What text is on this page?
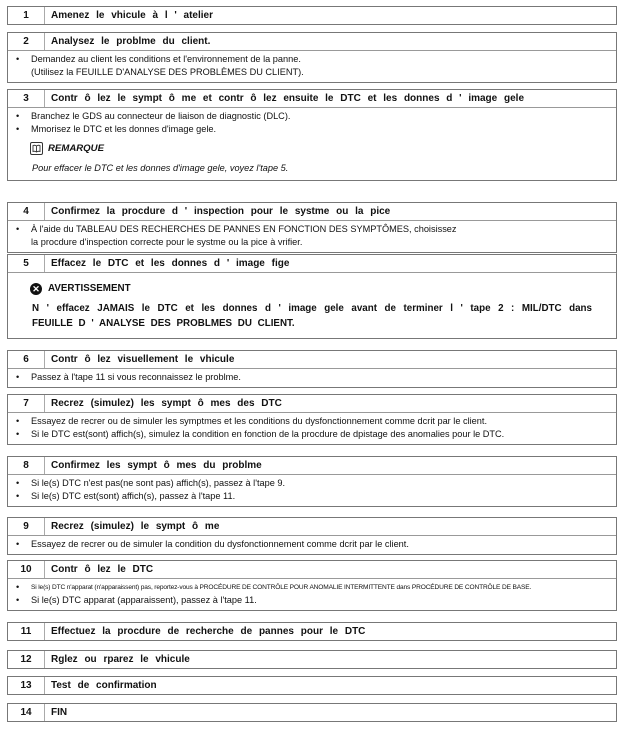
1	Amenez le vhicule à l ' atelier
2	Analysez le problme du client.
•	Demandez au client les conditions et l'environnement de la panne.
(Utilisez la FEUILLE D'ANALYSE DES PROBLÈMES DU CLIENT).
3	Contr ô lez le sympt ô me et contr ô lez ensuite le DTC et les donnes d ' image gele
•	Branchez le GDS au connecteur de liaison de diagnostic (DLC).
•	Mmorisez le DTC et les donnes d'image gele.
REMARQUE
Pour effacer le DTC et les donnes d'image gele, voyez l'tape 5.
4	Confirmez la procdure d ' inspection pour le systme ou la pice
•	À l'aide du TABLEAU DES RECHERCHES DE PANNES EN FONCTION DES SYMPTÔMES, choisissez
la procdure d'inspection correcte pour le systme ou la pice à vrifier.
5	Effacez le DTC et les donnes d ' image fige
✕ AVERTISSEMENT
N ' effacez JAMAIS le DTC et les donnes d ' image gele avant de terminer l ' tape 2 : MIL/DTC dans FEUILLE D ' ANALYSE DES PROBLMES DU CLIENT.
6	Contr ô lez visuellement le vhicule
•	Passez à l'tape 11 si vous reconnaissez le problme.
7	Recrez (simulez) les sympt ô mes des DTC
•	Essayez de recrer ou de simuler les symptmes et les conditions du dysfonctionnement comme dcrit par le client.
•	Si le DTC est(sont) affich(s), simulez la condition en fonction de la procdure de dpistage des anomalies pour le DTC.
8	Confirmez les sympt ô mes du problme
•	Si le(s) DTC n'est pas(ne sont pas) affich(s), passez à l'tape 9.
•	Si le(s) DTC est(sont) affich(s), passez à l'tape 11.
9	Recrez (simulez) le sympt ô me
•	Essayez de recrer ou de simuler la condition du dysfonctionnement comme dcrit par le client.
10	Contr ô lez le DTC
•	Si le(s) DTC n'apparat (n'apparaissent) pas, reportez-vous à PROCÉDURE DE CONTRÔLE POUR ANOMALIE INTERMITTENTE dans PROCÉDURE DE CONTRÔLE DE BASE.
•	Si le(s) DTC apparat (apparaissent), passez à l'tape 11.
11	Effectuez la procdure de recherche de pannes pour le DTC
12	Rglez ou rparez le vhicule
13	Test de confirmation
14	FIN
